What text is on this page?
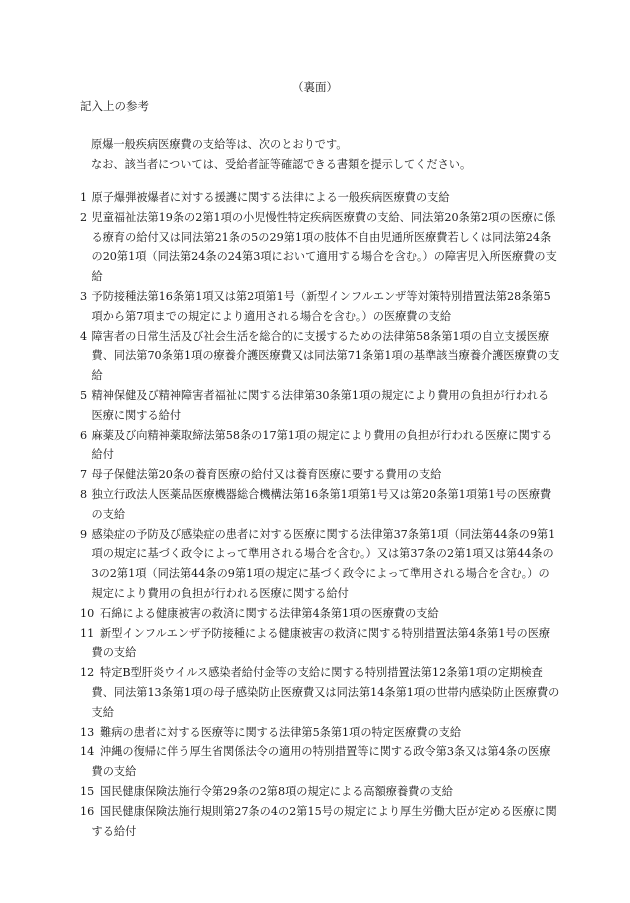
（裏面）
記入上の参考

原爆一般疾病医療費の支給等は、次のとおりです。

なお、該当者については、受給者証等確認できる書類を提示してください。

1 原子爆弾被爆者に対する援護に関する法律による一般疾病医療費の支給
2 児童福祉法第19条の2第1項の小児慢性特定疾病医療費の支給、同法第20条第2項の医療に係る療育の給付又は同法第21条の5の29第1項の肢体不自由児通所医療費若しくは同法第24条の20第1項（同法第24条の24第3項において適用する場合を含む。）の障害児入所医療費の支給
3 予防接種法第16条第1項又は第2項第1号（新型インフルエンザ等対策特別措置法第28条第5項から第7項までの規定により適用される場合を含む。）の医療費の支給
4 障害者の日常生活及び社会生活を総合的に支援するための法律第58条第1項の自立支援医療費、同法第70条第1項の療養介護医療費又は同法第71条第1項の基準該当療養介護医療費の支給
5 精神保健及び精神障害者福祉に関する法律第30条第1項の規定により費用の負担が行われる医療に関する給付
6 麻薬及び向精神薬取締法第58条の17第1項の規定により費用の負担が行われる医療に関する給付
7 母子保健法第20条の養育医療の給付又は養育医療に要する費用の支給
8 独立行政法人医薬品医療機器総合機構法第16条第1項第1号又は第20条第1項第1号の医療費の支給
9 感染症の予防及び感染症の患者に対する医療に関する法律第37条第1項（同法第44条の9第1項の規定に基づく政令によって準用される場合を含む。）又は第37条の2第1項又は第44条の3の2第1項（同法第44条の9第1項の規定に基づく政令によって準用される場合を含む。）の規定により費用の負担が行われる医療に関する給付
10 石綿による健康被害の救済に関する法律第4条第1項の医療費の支給
11 新型インフルエンザ予防接種による健康被害の救済に関する特別措置法第4条第1号の医療費の支給
12 特定B型肝炎ウイルス感染者給付金等の支給に関する特別措置法第12条第1項の定期検査費、同法第13条第1項の母子感染防止医療費又は同法第14条第1項の世帯内感染防止医療費の支給
13 難病の患者に対する医療等に関する法律第5条第1項の特定医療費の支給
14 沖縄の復帰に伴う厚生省関係法令の適用の特別措置等に関する政令第3条又は第4条の医療費の支給
15 国民健康保険法施行令第29条の2第8項の規定による高額療養費の支給
16 国民健康保険法施行規則第27条の4の2第15号の規定により厚生労働大臣が定める医療に関する給付
